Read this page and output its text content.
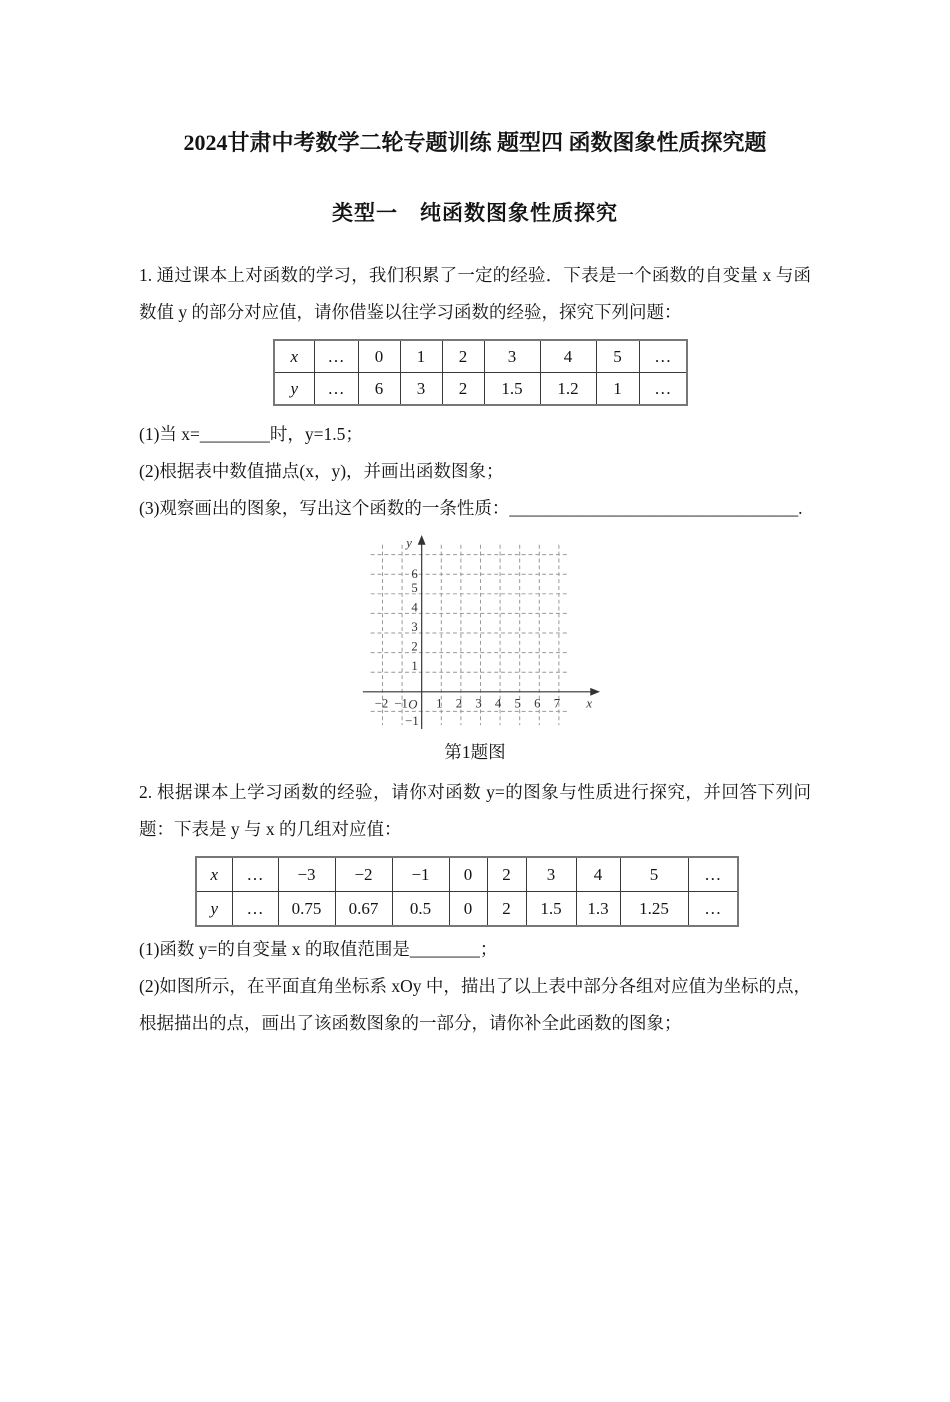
2024甘肃中考数学二轮专题训练 题型四 函数图象性质探究题
类型一　纯函数图象性质探究

1. 通过课本上对函数的学习，我们积累了一定的经验．下表是一个函数的自变量 x 与函数值 y 的部分对应值，请你借鉴以往学习函数的经验，探究下列问题：

x	…	0	1	2	3	4	5	…
y	…	6	3	2	1.5	1.2	1	…

(1)当 x=________时，y=1.5；

(2)根据表中数值描点(x，y)，并画出函数图象；

(3)观察画出的图象，写出这个函数的一条性质：_________________________________.

y
x
O
6
5
4
3
2
1
−1
−2 −1 1 2 3 4 5 6 7

第1题图

2. 根据课本上学习函数的经验，请你对函数 y=的图象与性质进行探究，并回答下列问题：下表是 y 与 x 的几组对应值：

x	…	−3	−2	−1	0	2	3	4	5	…
y	…	0.75	0.67	0.5	0	2	1.5	1.3	1.25	…

(1)函数 y=的自变量 x 的取值范围是________；

(2)如图所示，在平面直角坐标系 xOy 中，描出了以上表中部分各组对应值为坐标的点，根据描出的点，画出了该函数图象的一部分，请你补全此函数的图象；
